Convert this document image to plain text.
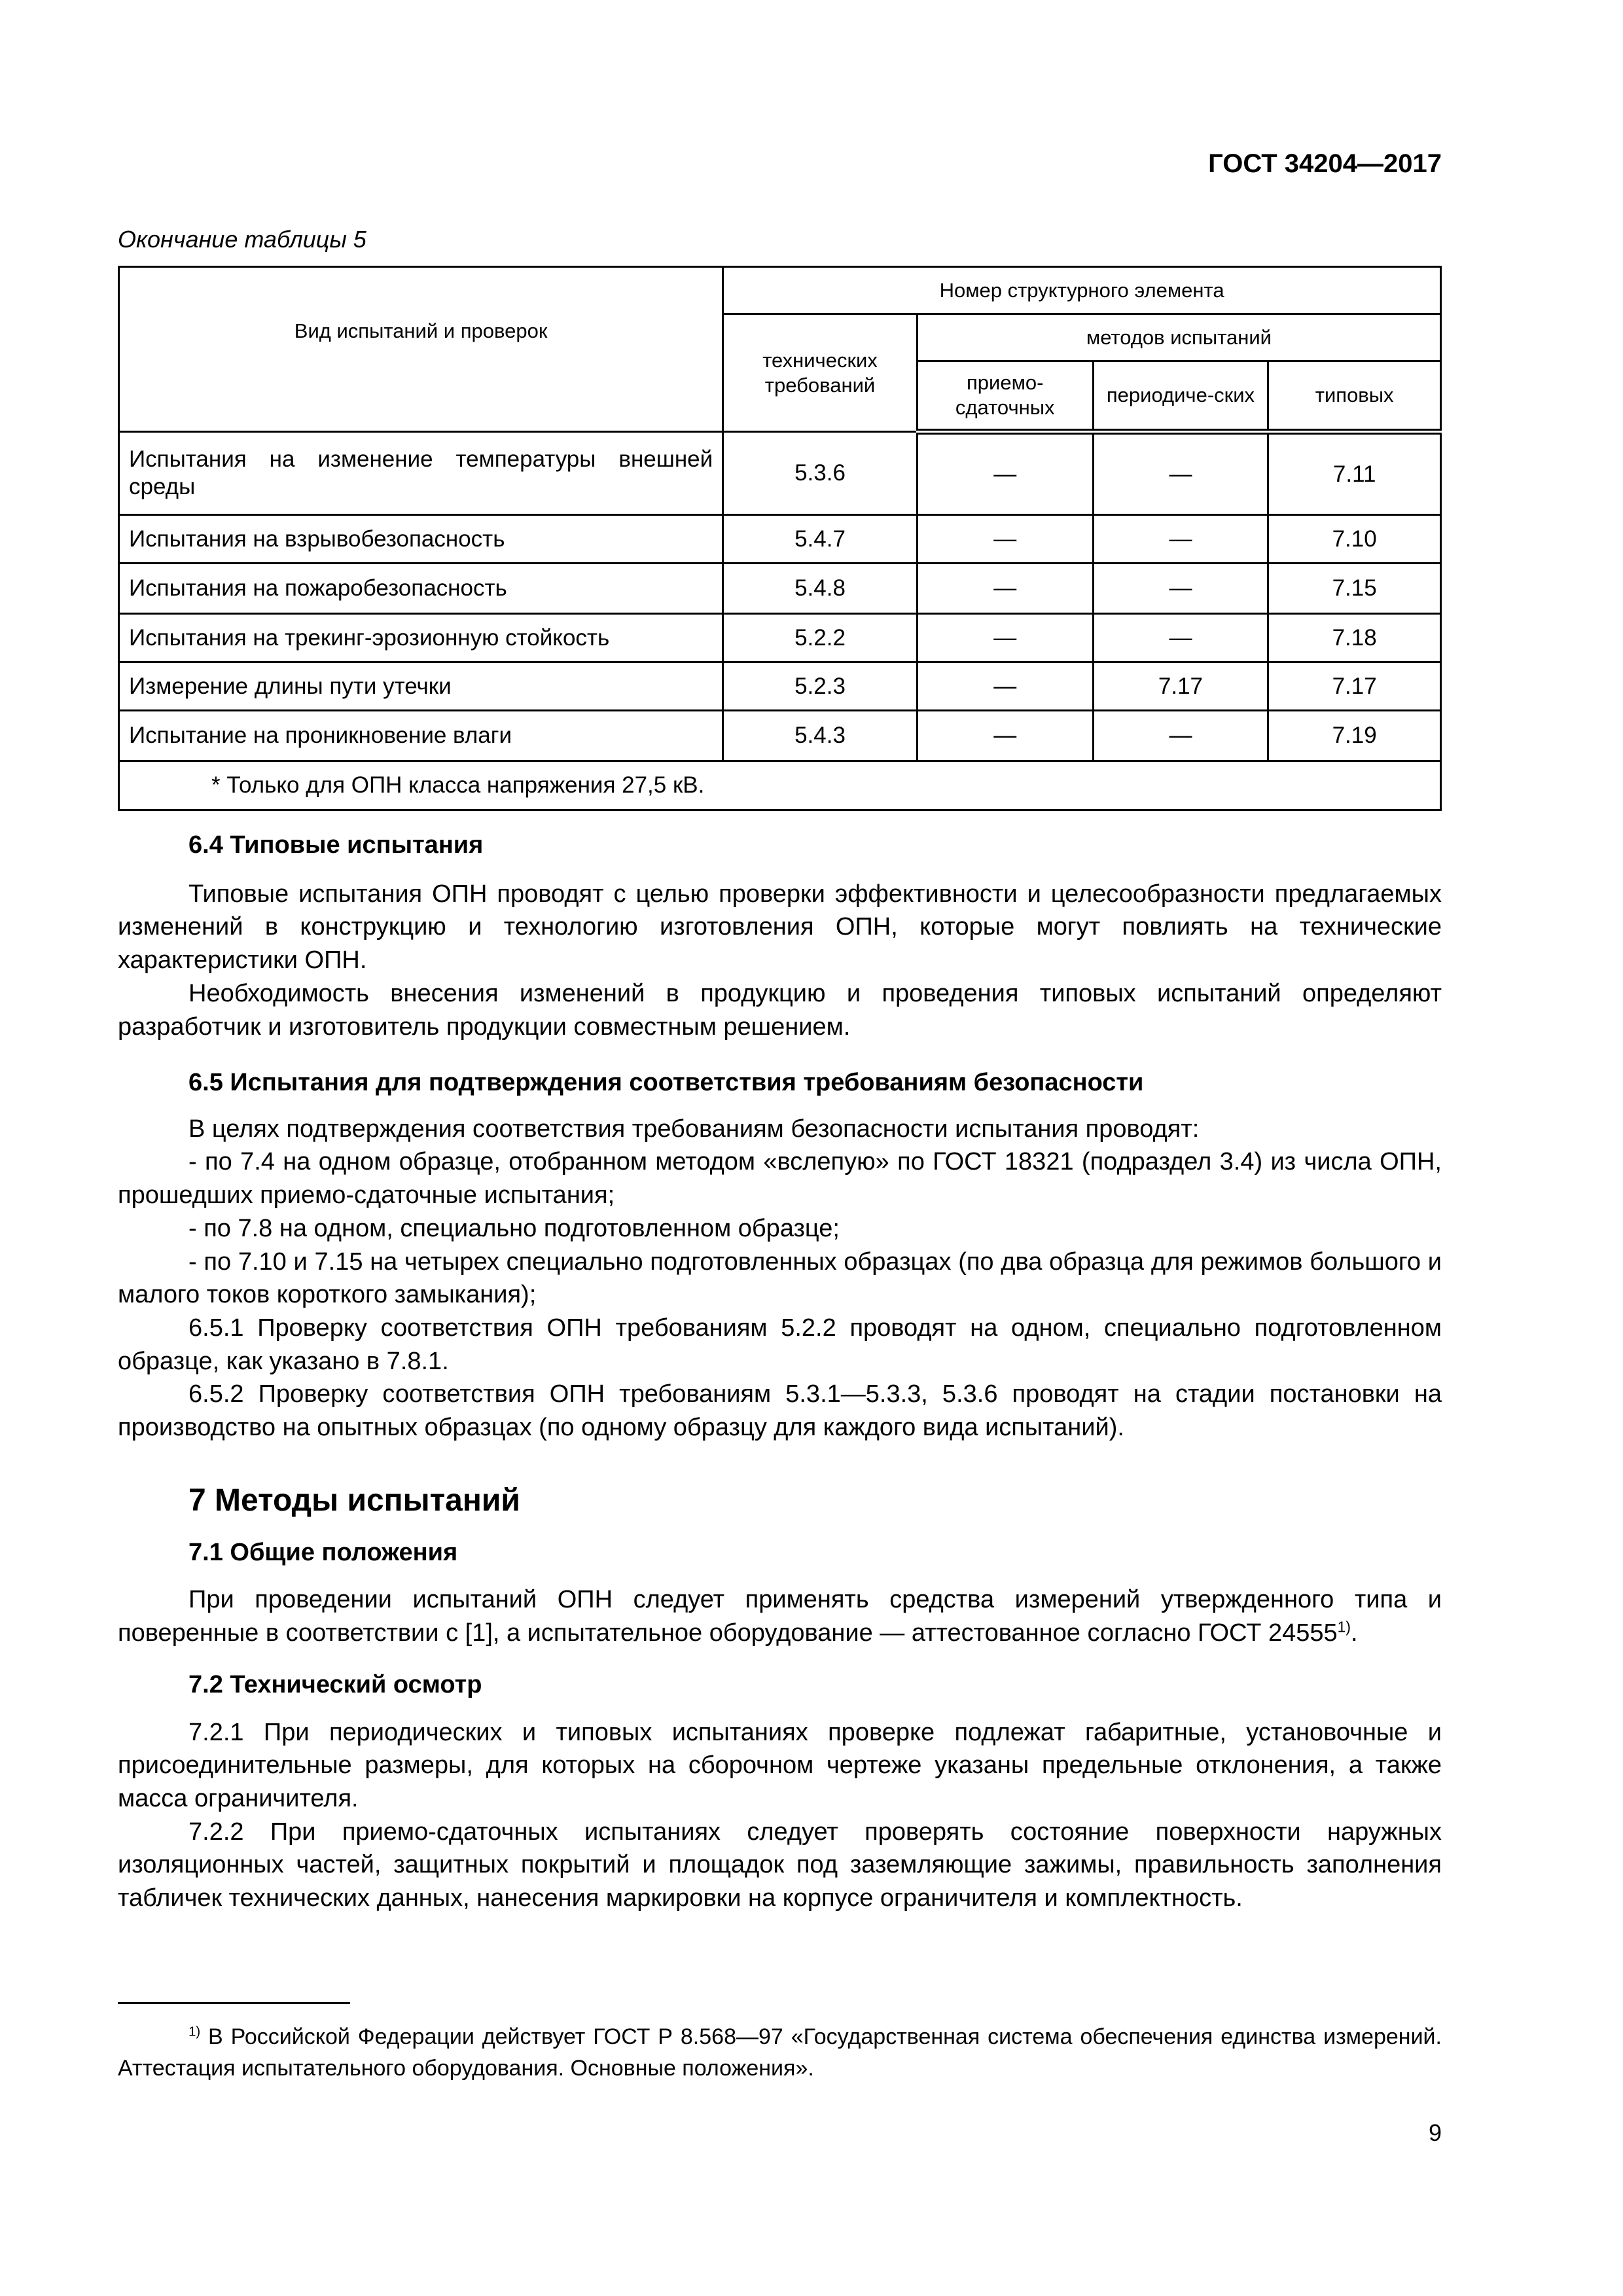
ГОСТ 34204—2017
Окончание таблицы 5
Вид испытаний и проверок	Номер структурного элемента			
	технических требований	методов испытаний		
		приемо-сдаточных	периодиче-ских	типовых
Испытания на изменение температуры внешней среды	5.3.6	—	—	7.11
Испытания на взрывобезопасность	5.4.7	—	—	7.10
Испытания на пожаробезопасность	5.4.8	—	—	7.15
Испытания на трекинг-эрозионную стойкость	5.2.2	—	—	7.18
Измерение длины пути утечки	5.2.3	—	7.17	7.17
Испытание на проникновение влаги	5.4.3	—	—	7.19
* Только для ОПН класса напряжения 27,5 кВ.				

6.4 Типовые испытания

Типовые испытания ОПН проводят с целью проверки эффективности и целесообразности предлагаемых изменений в конструкцию и технологию изготовления ОПН, которые могут повлиять на технические характеристики ОПН.

Необходимость внесения изменений в продукцию и проведения типовых испытаний определяют разработчик и изготовитель продукции совместным решением.

6.5 Испытания для подтверждения соответствия требованиям безопасности

В целях подтверждения соответствия требованиям безопасности испытания проводят:

- по 7.4 на одном образце, отобранном методом «вслепую» по ГОСТ 18321 (подраздел 3.4) из числа ОПН, прошедших приемо-сдаточные испытания;

- по 7.8 на одном, специально подготовленном образце;

- по 7.10 и 7.15 на четырех специально подготовленных образцах (по два образца для режимов большого и малого токов короткого замыкания);

6.5.1 Проверку соответствия ОПН требованиям 5.2.2 проводят на одном, специально подготовленном образце, как указано в 7.8.1.

6.5.2 Проверку соответствия ОПН требованиям 5.3.1—5.3.3, 5.3.6 проводят на стадии постановки на производство на опытных образцах (по одному образцу для каждого вида испытаний).

7 Методы испытаний

7.1 Общие положения

При проведении испытаний ОПН следует применять средства измерений утвержденного типа и поверенные в соответствии с [1], а испытательное оборудование — аттестованное согласно ГОСТ 24555$^{1)}$.

7.2 Технический осмотр

7.2.1 При периодических и типовых испытаниях проверке подлежат габаритные, установочные и присоединительные размеры, для которых на сборочном чертеже указаны предельные отклонения, а также масса ограничителя.

7.2.2 При приемо-сдаточных испытаниях следует проверять состояние поверхности наружных изоляционных частей, защитных покрытий и площадок под заземляющие зажимы, правильность заполнения табличек технических данных, нанесения маркировки на корпусе ограничителя и комплектность.

$^{1)}$ В Российской Федерации действует ГОСТ Р 8.568—97 «Государственная система обеспечения единства измерений. Аттестация испытательного оборудования. Основные положения».

9
